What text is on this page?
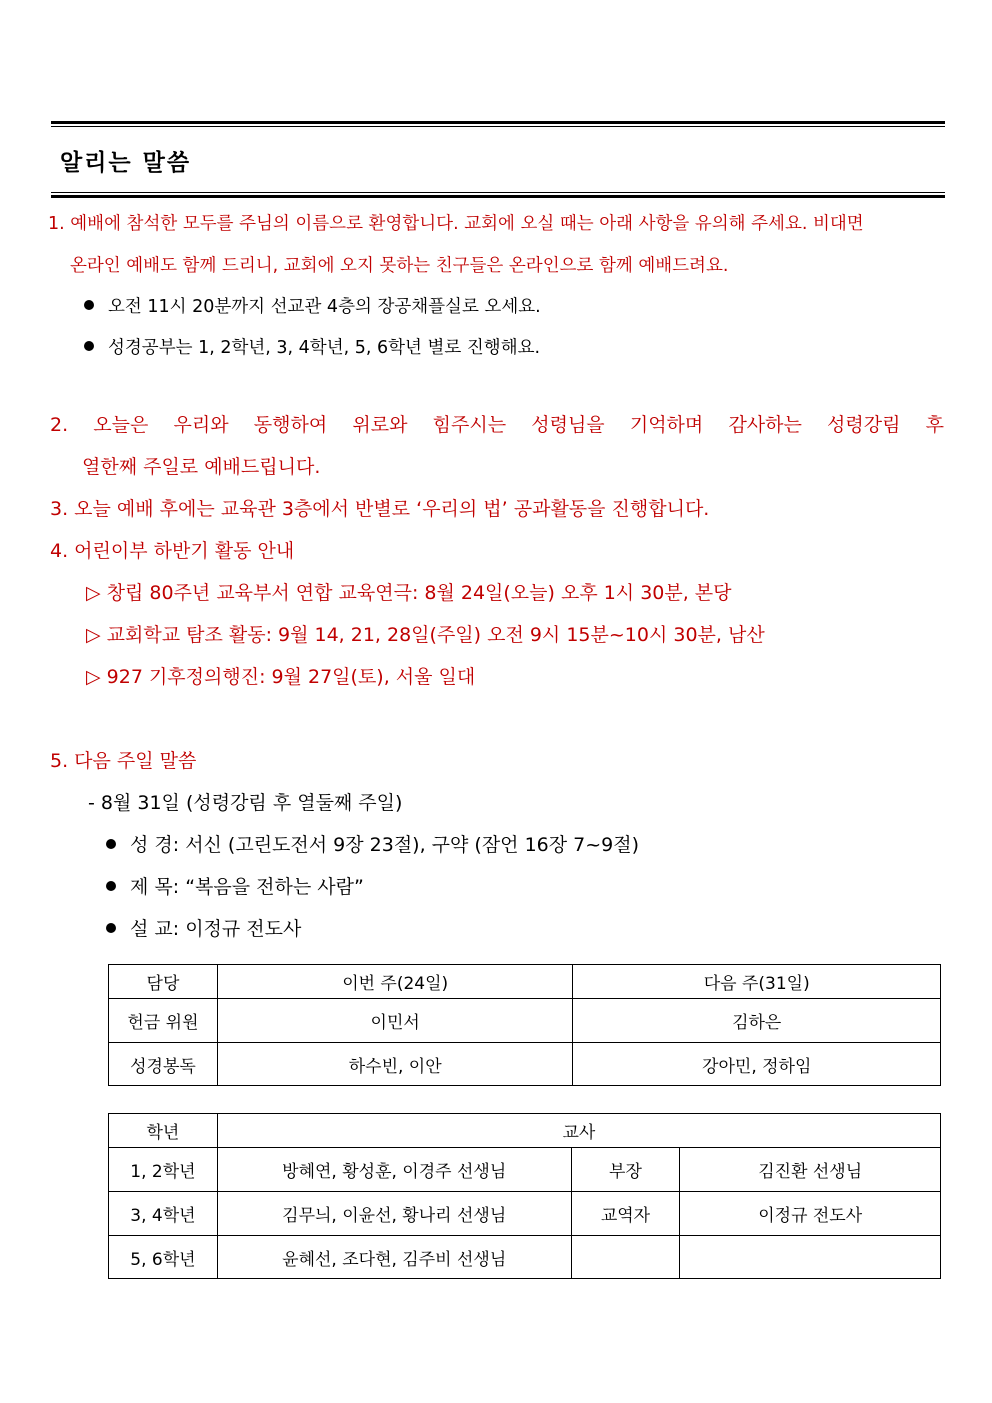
알리는 말씀
1. 예배에 참석한 모두를 주님의 이름으로 환영합니다. 교회에 오실 때는 아래 사항을 유의해 주세요. 비대면
온라인 예배도 함께 드리니, 교회에 오지 못하는 친구들은 온라인으로 함께 예배드려요.
오전 11시 20분까지 선교관 4층의 장공채플실로 오세요.
성경공부는 1, 2학년, 3, 4학년, 5, 6학년 별로 진행해요.
2. 오늘은 우리와 동행하여 위로와 힘주시는 성령님을 기억하며 감사하는 성령강림 후
열한째 주일로 예배드립니다.
3. 오늘 예배 후에는 교육관 3층에서 반별로 ‘우리의 법’ 공과활동을 진행합니다.
4. 어린이부 하반기 활동 안내
▷ 창립 80주년 교육부서 연합 교육연극: 8월 24일(오늘) 오후 1시 30분, 본당
▷ 교회학교 탐조 활동: 9월 14, 21, 28일(주일) 오전 9시 15분~10시 30분, 남산
▷ 927 기후정의행진: 9월 27일(토), 서울 일대
5. 다음 주일 말씀
- 8월 31일 (성령강림 후 열둘째 주일)
성 경: 서신 (고린도전서 9장 23절), 구약 (잠언 16장 7~9절)
제 목: “복음을 전하는 사람”
설 교: 이정규 전도사
담당	이번 주(24일)	다음 주(31일)
헌금 위원	이민서	김하은
성경봉독	하수빈, 이안	강아민, 정하임
학년	교사		
1, 2학년	방혜연, 황성훈, 이경주 선생님	부장	김진환 선생님
3, 4학년	김무늬, 이윤선, 황나리 선생님	교역자	이정규 전도사
5, 6학년	윤혜선, 조다현, 김주비 선생님		
